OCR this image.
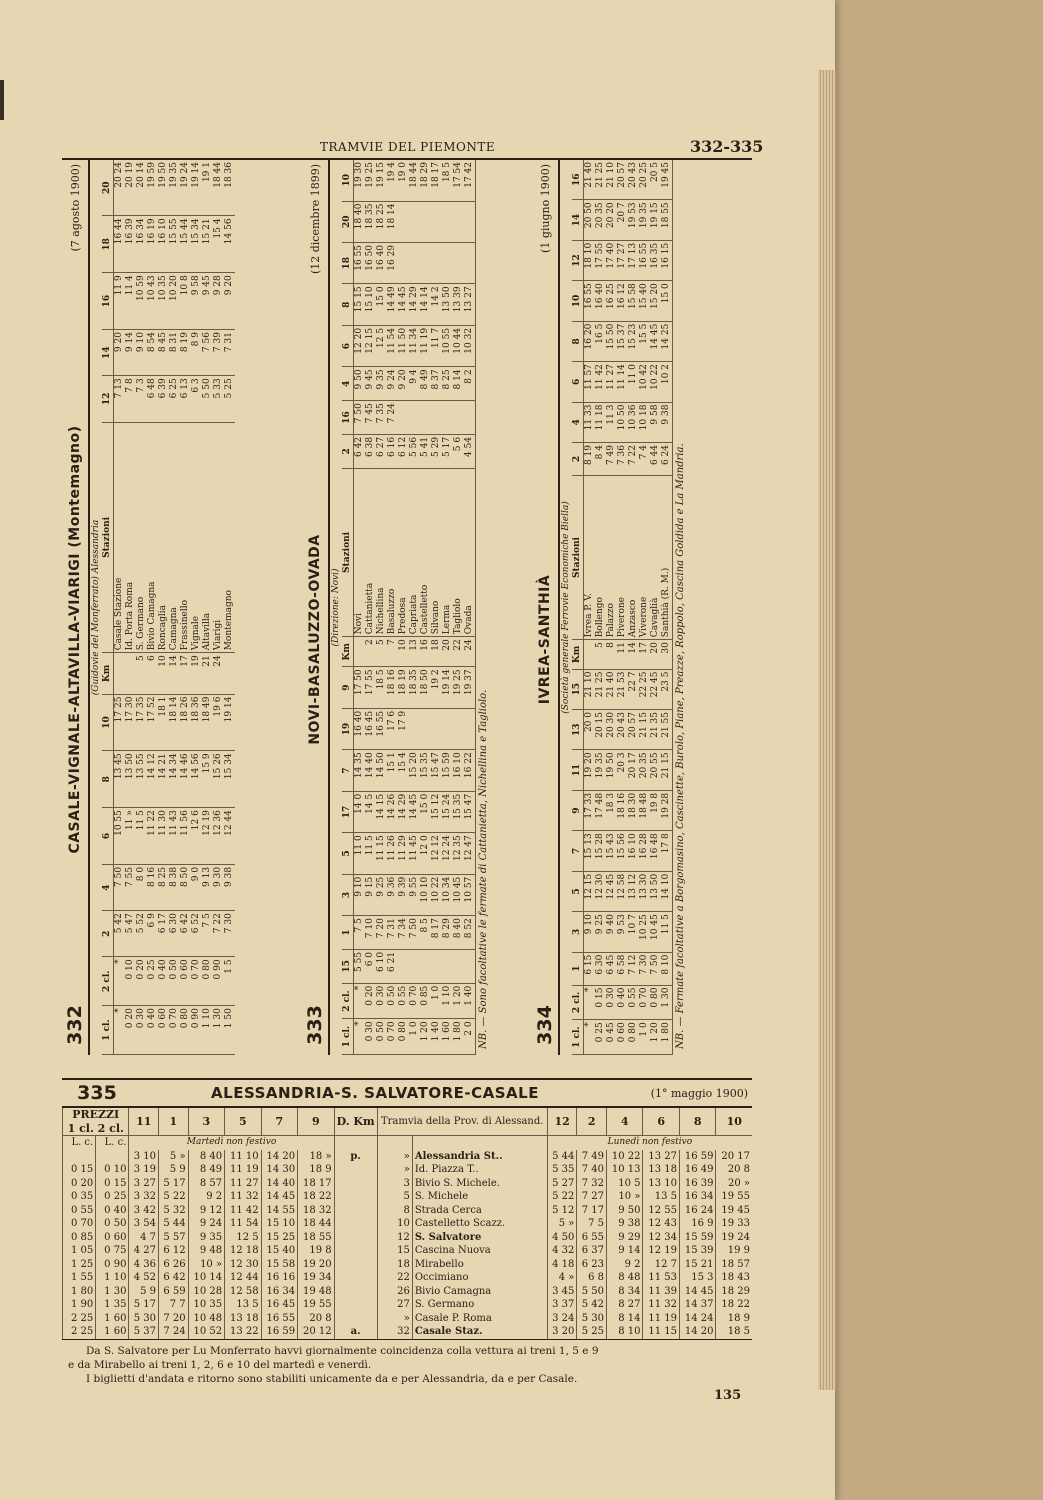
TRAMVIE DEL PIEMONTE	332-335
332
CASALE-VIGNALE-ALTAVILLA-VIARIGI (Montemagno)
(7 agosto 1900)
(Guidovie del Monferrato) Alessandria
1 cl.	2 cl.	2	4	6	8	10	Km	Stazioni	12	14	16	18	20
*	*	5 42	7 50	10 55	13 45	17 25		Casale Stazione	7 13	9 20	11 9	16 44	20 24
0 20	0 10	5 47	7 55	11 »	13 50	17 30		Id. Porta Roma	7 8	9 14	11 4	16 39	20 19
0 30	0 20	5 52	8 0	11 5	13 55	17 35	5	S. Germano	7 3	9 10	10 59	16 34	20 14
0 40	0 25	6 9	8 16	11 22	14 12	17 52	6	Bivio Camagna	6 48	8 54	10 43	16 19	19 59
0 60	0 40	6 17	8 25	11 30	14 21	18 1	10	Roncaglia	6 39	8 45	10 35	16 10	19 50
0 70	0 50	6 30	8 38	11 43	14 34	18 14	14	Camagna	6 25	8 31	10 20	15 55	19 35
0 80	0 60	6 42	8 50	11 56	14 46	18 26	17	Frassinello	6 13	8 19	10 8	15 44	19 24
0 90	0 70	6 52	9 0	12 6	14 56	18 36	19	Vignale	6 3	8 9	9 58	15 34	19 14
1 10	0 80	7 5	9 13	12 19	15 9	18 49	21	Altavilla	5 50	7 56	9 45	15 21	19 1
1 30	0 90	7 22	9 30	12 36	15 26	19 6	24	Viarigi	5 33	7 39	9 28	15 4	18 44
1 50	1 5	7 30	9 38	12 44	15 34	19 14		Montemagno	5 25	7 31	9 20	14 56	18 36
333
NOVI-BASALUZZO-OVADA
(12 dicembre 1899)
(Direzione: Novi)
1 cl.	2 cl.	15	1	3	5	17	7	19	9	Km	Stazioni	2	16	4	6	8	18	20	10
*	*	5 55	7 5	9 10	11 0	14 0	14 35	16 40	17 50		Novi	6 42	7 50	9 50	12 20	15 15	16 55	18 40	19 30
0 30	0 20	6 0	7 10	9 15	11 5	14 5	14 40	16 45	17 55	2	Cattanietta	6 38	7 45	9 45	12 15	15 10	16 50	18 35	19 25
0 50	0 30	6 10	7 20	9 25	11 15	14 15	14 50	16 55	18 5	5	Nichellina	6 27	7 35	9 35	12 5	15 0	16 40	18 25	19 15
0 70	0 50	6 21	7 31	9 36	11 26	14 26	15 1	17 6	18 16	7	Basaluzzo	6 16	7 24	9 24	11 54	14 49	16 29	18 14	19 4
0 80	0 55		7 34	9 39	11 29	14 29	15 4	17 9	18 19	10	Predosa	6 12		9 20	11 50	14 45			19 0
1 0	0 70		7 50	9 55	11 45	14 45	15 20		18 35	13	Capriata	5 56		9 4	11 34	14 29			18 44
1 20	0 85		8 5	10 10	12 0	15 0	15 35		18 50	16	Castelletto	5 41		8 49	11 19	14 14			18 29
1 40	1 0		8 17	10 22	12 12	15 12	15 47		19 2	18	Silvano	5 29		8 37	11 7	14 2			18 17
1 60	1 10		8 29	10 34	12 24	15 24	15 59		19 14	20	Lerma	5 17		8 25	10 55	13 50			18 5
1 80	1 20		8 40	10 45	12 35	15 35	16 10		19 25	22	Tagliolo	5 6		8 14	10 44	13 39			17 54
2 0	1 40		8 52	10 57	12 47	15 47	16 22		19 37	24	Ovada	4 54		8 2	10 32	13 27			17 42
NB. — Sono facoltative le fermate di Cattanietta, Nichellina e Tagliolo. 334
IVREA-SANTHIÀ
(1 giugno 1900)
(Società generale Ferrovie Economiche Biella)
1 cl.	2 cl.	1	3	5	7	9	11	13	15	Km	Stazioni	2	4	6	8	10	12	14	16
*	*	6 15	9 10	12 15	15 13	17 33	19 20	20 0	21 10		Ivrea P. V.	8 19	11 33	11 57	16 20	16 55	18 10	20 50	21 40
0 25	0 15	6 30	9 25	12 30	15 28	17 48	19 35	20 15	21 25	5	Bollengo	8 4	11 18	11 42	16 5	16 40	17 55	20 35	21 25
0 45	0 30	6 45	9 40	12 45	15 43	18 3	19 50	20 30	21 40	8	Palazzo	7 49	11 3	11 27	15 50	16 25	17 40	20 20	21 10
0 60	0 40	6 58	9 53	12 58	15 56	18 16	20 3	20 43	21 53	11	Piverone	7 36	10 50	11 14	15 37	16 12	17 27	20 7	20 57
0 80	0 55	7 12	10 7	13 12	16 10	18 30	20 17	20 57	22 7	14	Anzasco	7 22	10 36	11 0	15 23	15 58	17 13	19 53	20 43
1 0	0 70	7 30	10 25	13 30	16 28	18 48	20 35	21 15	22 25	17	Viverone	7 4	10 18	10 42	15 5	15 40	16 55	19 35	20 25
1 20	0 80	7 50	10 45	13 50	16 48	19 8	20 55	21 35	22 45	20	Cavaglià	6 44	9 58	10 22	14 45	15 20	16 35	19 15	20 5
1 80	1 30	8 10	11 5	14 10	17 8	19 28	21 15	21 55	23 5	30	Santhià (R. M.)	6 24	9 38	10 2	14 25	15 0	16 15	18 55	19 45
NB. — Fermate facoltative a Borgomasino, Cascinette, Burolo, Piane, Preazze, Roppolo, Cascina Goldida e La Mandria.
335	ALESSANDRIA-S. SALVATORE-CASALE	(1° maggio 1900)
PREZZI
1 cl. 2 cl.		11	1	3	5	7	9	D. Km	Tramvia della Prov. di Alessand.		12	2	4	6	8	10
L. c.	L. c.	Martedì non festivo									Lunedì non festivo					
		3 10	5 »	8 40	11 10	14 20	18 »	p.	»	Alessandria St..	5 44	7 49	10 22	13 27	16 59	20 17
0 15	0 10	3 19	5 9	8 49	11 19	14 30	18 9		»	Id. Piazza T..	5 35	7 40	10 13	13 18	16 49	20 8
0 20	0 15	3 27	5 17	8 57	11 27	14 40	18 17		3	Bivio S. Michele.	5 27	7 32	10 5	13 10	16 39	20 »
0 35	0 25	3 32	5 22	9 2	11 32	14 45	18 22		5	S. Michele	5 22	7 27	10 »	13 5	16 34	19 55
0 55	0 40	3 42	5 32	9 12	11 42	14 55	18 32		8	Strada Cerca	5 12	7 17	9 50	12 55	16 24	19 45
0 70	0 50	3 54	5 44	9 24	11 54	15 10	18 44		10	Castelletto Scazz.	5 »	7 5	9 38	12 43	16 9	19 33
0 85	0 60	4 7	5 57	9 35	12 5	15 25	18 55		12	S. Salvatore	4 50	6 55	9 29	12 34	15 59	19 24
1 05	0 75	4 27	6 12	9 48	12 18	15 40	19 8		15	Cascina Nuova	4 32	6 37	9 14	12 19	15 39	19 9
1 25	0 90	4 36	6 26	10 »	12 30	15 58	19 20		18	Mirabello	4 18	6 23	9 2	12 7	15 21	18 57
1 55	1 10	4 52	6 42	10 14	12 44	16 16	19 34		22	Occimiano	4 »	6 8	8 48	11 53	15 3	18 43
1 80	1 30	5 9	6 59	10 28	12 58	16 34	19 48		26	Bivio Camagna	3 45	5 50	8 34	11 39	14 45	18 29
1 90	1 35	5 17	7 7	10 35	13 5	16 45	19 55		27	S. Germano	3 37	5 42	8 27	11 32	14 37	18 22
2 25	1 60	5 30	7 20	10 48	13 18	16 55	20 8		»	Casale P. Roma	3 24	5 30	8 14	11 19	14 24	18 9
2 25	1 60	5 37	7 24	10 52	13 22	16 59	20 12	a.	32	Casale Staz.	3 20	5 25	8 10	11 15	14 20	18 5
Da S. Salvatore per Lu Monferrato havvi giornalmente coincidenza colla vettura ai treni 1, 5 e 9
e da Mirabello ai treni 1, 2, 6 e 10 del martedì e venerdì.
I biglietti d'andata e ritorno sono stabiliti unicamente da e per Alessandria, da e per Casale.
135
